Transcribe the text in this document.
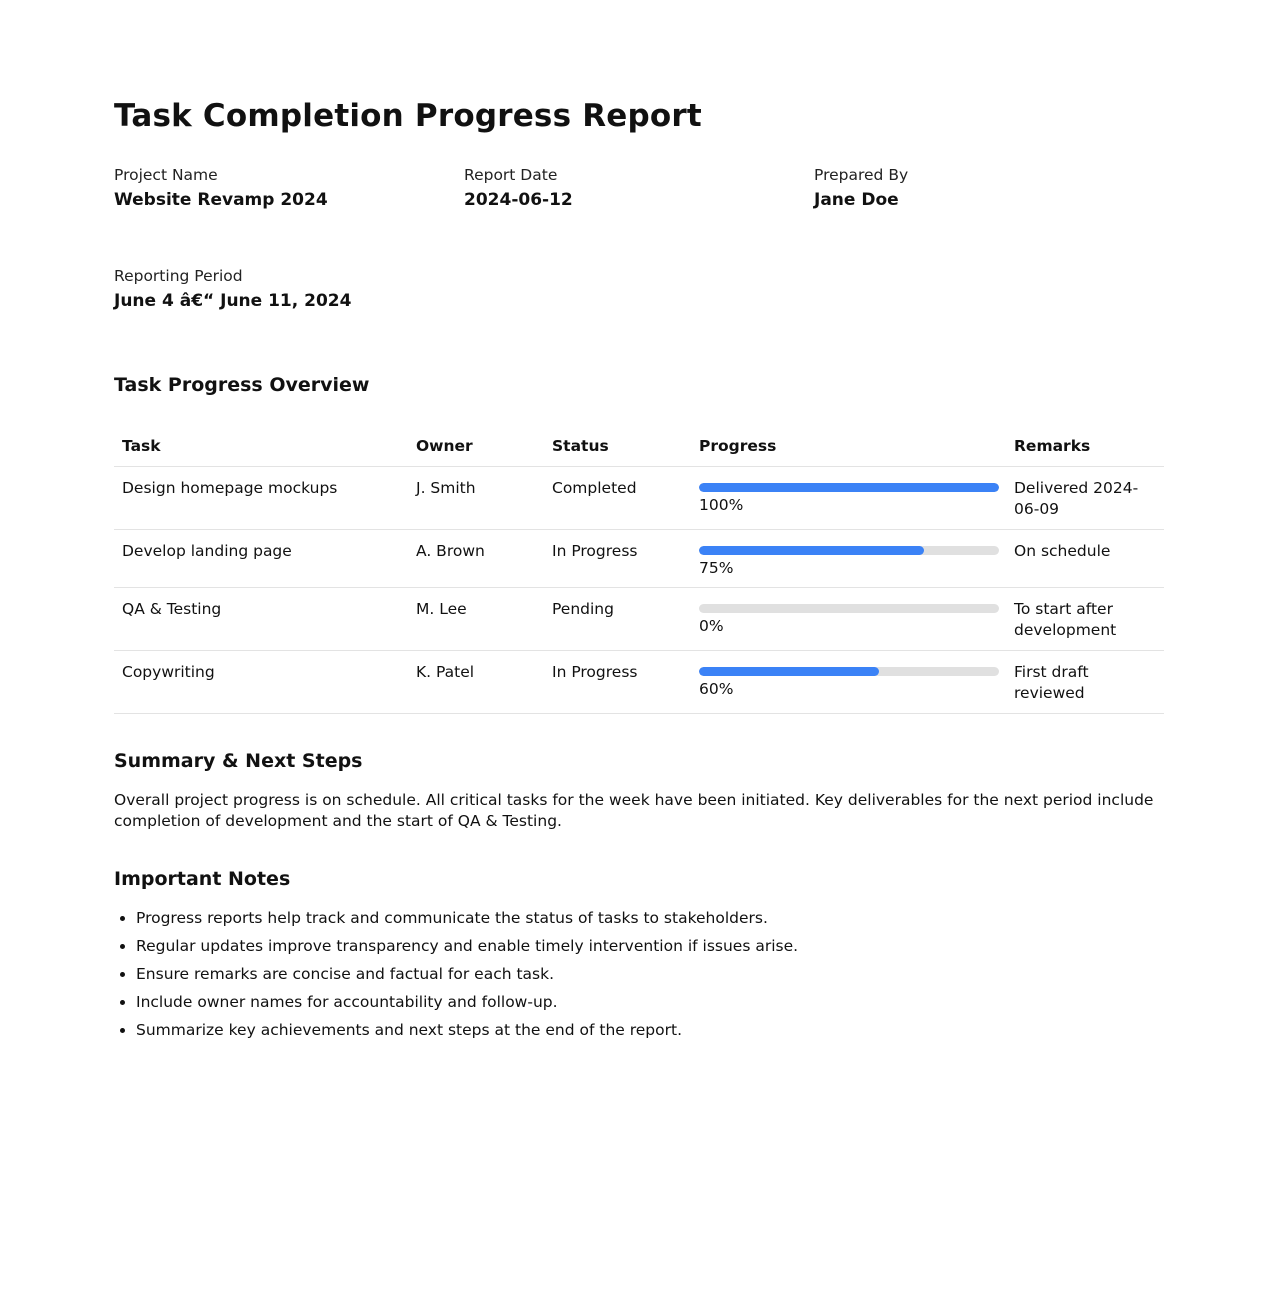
Task Completion Progress Report
Project Name
Website Revamp 2024
Report Date
2024-06-12
Prepared By
Jane Doe
Reporting Period
June 4 â€“ June 11, 2024
Task Progress Overview
Task	Owner	Status	Progress	Remarks
Design homepage mockups	J. Smith	Completed	100%	Delivered 2024-06-09
Develop landing page	A. Brown	In Progress	75%	On schedule
QA & Testing	M. Lee	Pending	0%	To start after development
Copywriting	K. Patel	In Progress	60%	First draft reviewed
Summary & Next Steps

Overall project progress is on schedule. All critical tasks for the week have been initiated. Key deliverables for the next period include completion of development and the start of QA & Testing.

Important Notes
• Progress reports help track and communicate the status of tasks to stakeholders.
• Regular updates improve transparency and enable timely intervention if issues arise.
• Ensure remarks are concise and factual for each task.
• Include owner names for accountability and follow-up.
• Summarize key achievements and next steps at the end of the report.
